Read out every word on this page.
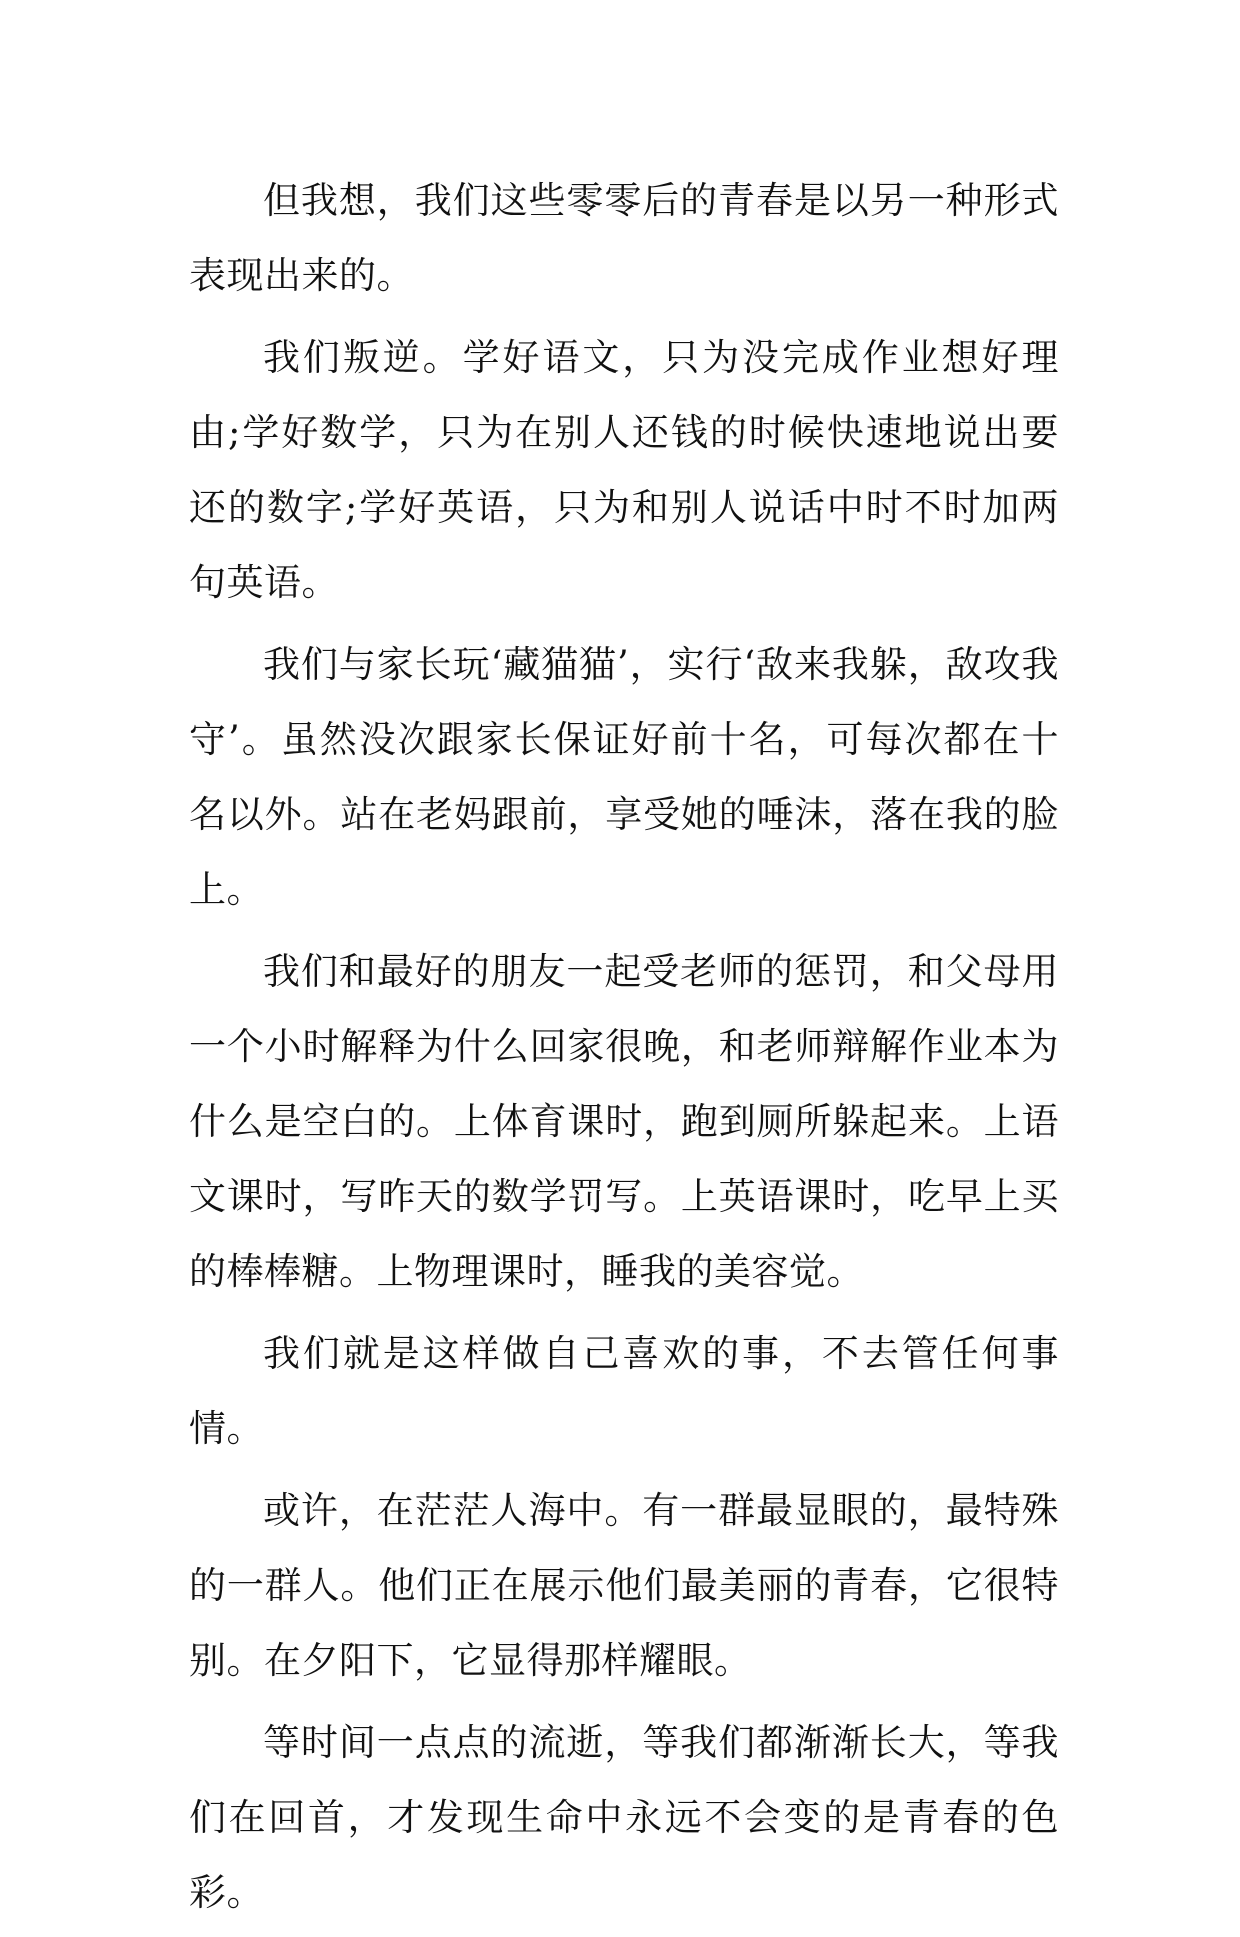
但我想，我们这些零零后的青春是以另一种形式表现出来的。

我们叛逆。学好语文，只为没完成作业想好理由;学好数学，只为在别人还钱的时候快速地说出要还的数字;学好英语，只为和别人说话中时不时加两句英语。

我们与家长玩‘藏猫猫’，实行‘敌来我躲，敌攻我守’。虽然没次跟家长保证好前十名，可每次都在十名以外。站在老妈跟前，享受她的唾沫，落在我的脸上。

我们和最好的朋友一起受老师的惩罚，和父母用一个小时解释为什么回家很晚，和老师辩解作业本为什么是空白的。上体育课时，跑到厕所躲起来。上语文课时，写昨天的数学罚写。上英语课时，吃早上买的棒棒糖。上物理课时，睡我的美容觉。

我们就是这样做自己喜欢的事，不去管任何事情。

或许，在茫茫人海中。有一群最显眼的，最特殊的一群人。他们正在展示他们最美丽的青春，它很特别。在夕阳下，它显得那样耀眼。

等时间一点点的流逝，等我们都渐渐长大，等我们在回首，才发现生命中永远不会变的是青春的色彩。
